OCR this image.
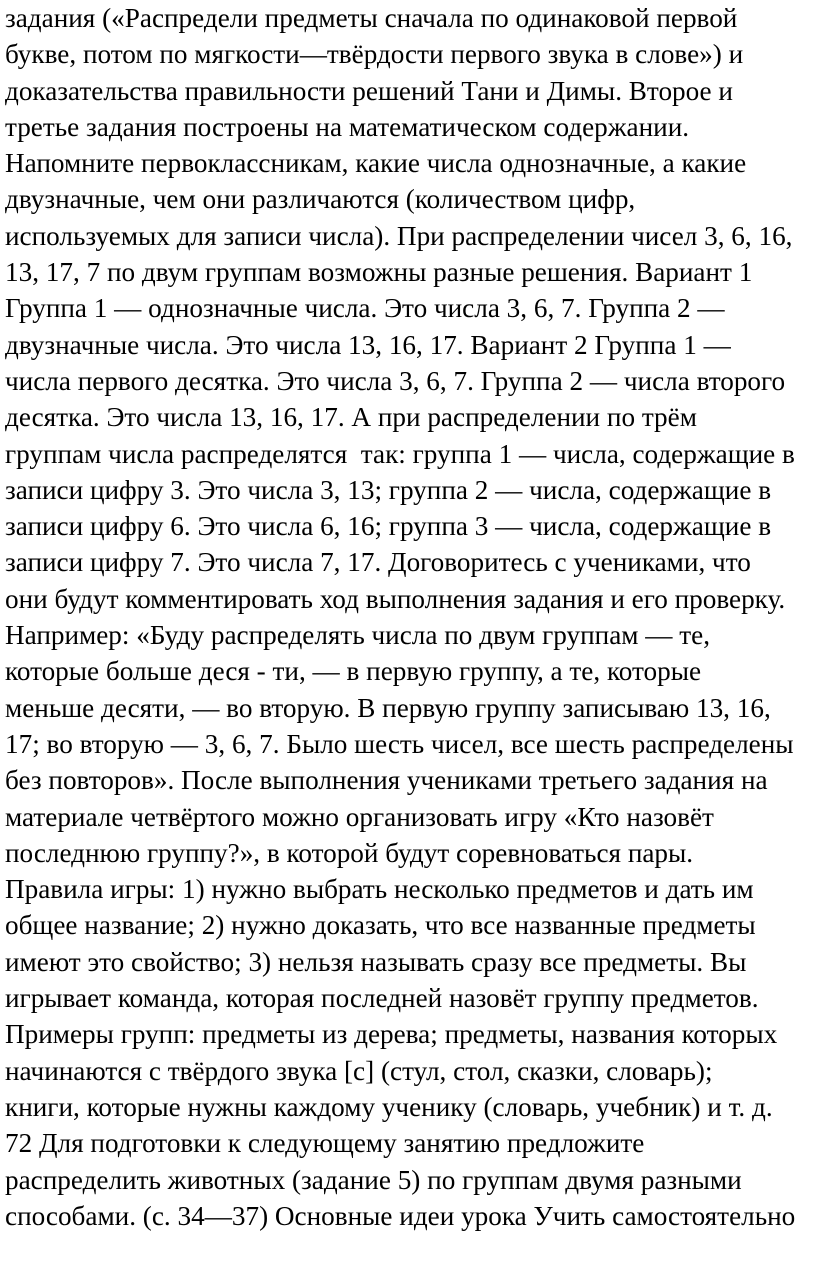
задания («Распредели предметы сначала по одинаковой первой
букве, потом по мягкости—твёрдости первого звука в слове») и
доказательства правильности решений Тани и Димы. Второе и
третье задания построены на математическом содержании.
Напомните первоклассникам, какие числа однозначные, а какие
двузначные, чем они различаются (количеством цифр,
используемых для записи числа). При распределении чисел 3, 6, 16,
13, 17, 7 по двум группам возможны разные решения. Вариант 1
Группа 1 — однозначные числа. Это числа 3, 6, 7. Группа 2 —
двузначные числа. Это числа 13, 16, 17. Вариант 2 Группа 1 —
числа первого десятка. Это числа 3, 6, 7. Группа 2 — числа второго
десятка. Это числа 13, 16, 17. А при распределении по трём
группам числа распределятся  так: группа 1 — числа, содержащие в
записи цифру 3. Это числа 3, 13; группа 2 — числа, содержащие в
записи цифру 6. Это числа 6, 16; группа 3 — числа, содержащие в
записи цифру 7. Это числа 7, 17. Договоритесь с учениками, что
они будут комментировать ход выполнения задания и его проверку.
Например: «Буду распределять числа по двум группам — те,
которые больше деся - ти, — в первую группу, а те, которые
меньше десяти, — во вторую. В первую группу записываю 13, 16,
17; во вторую — 3, 6, 7. Было шесть чисел, все шесть распределены
без повторов». После выполнения учениками третьего задания на
материале четвёртого можно организовать игру «Кто назовёт
последнюю группу?», в которой будут соревноваться пары.
Правила игры: 1) нужно выбрать несколько предметов и дать им
общее название; 2) нужно доказать, что все названные предметы
имеют это свойство; 3) нельзя называть сразу все предметы. Вы
игрывает команда, которая последней назовёт группу предметов.
Примеры групп: предметы из дерева; предметы, названия которых
начинаются с твёрдого звука [с] (стул, стол, сказки, словарь);
книги, которые нужны каждому ученику (словарь, учебник) и т. д.
72 Для подготовки к следующему занятию предложите
распределить животных (задание 5) по группам двумя разными
способами. (с. 34—37) Основные идеи урока Учить самостоятельно
